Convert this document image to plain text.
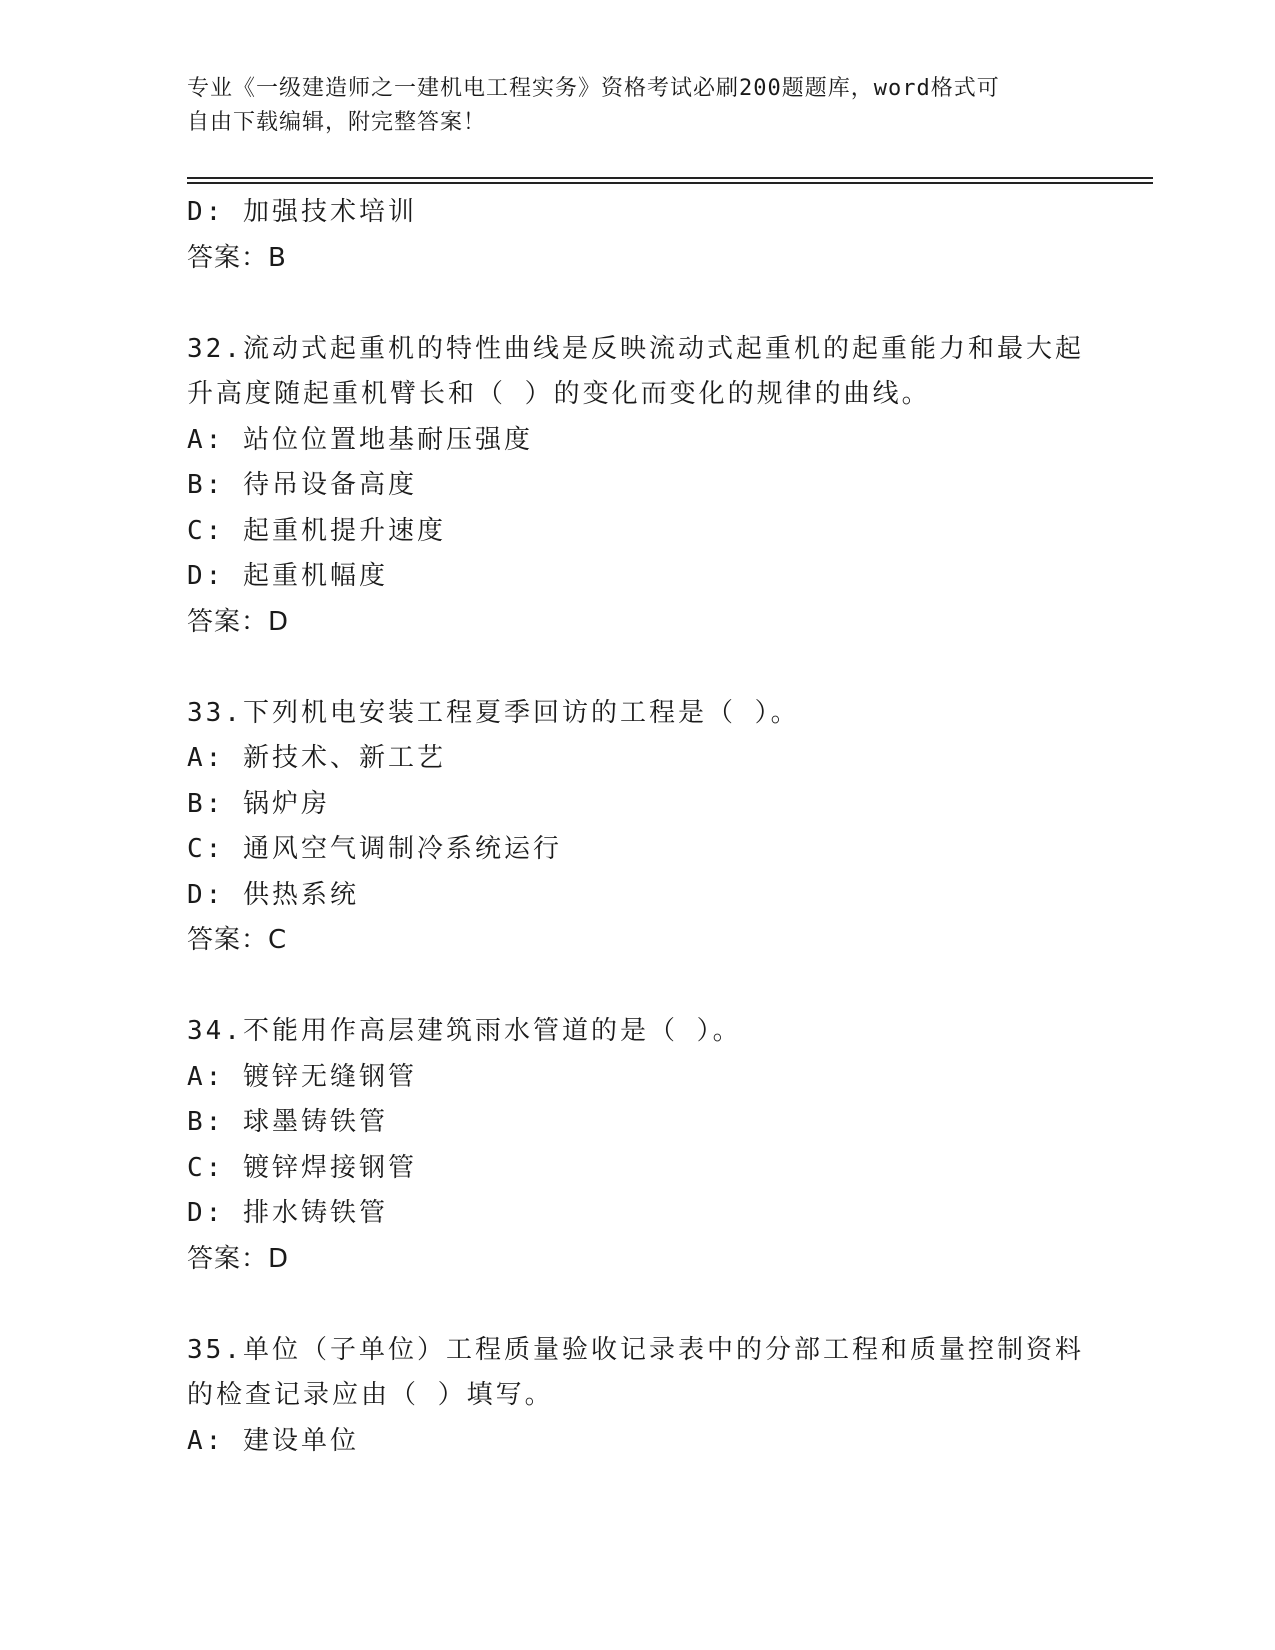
专业《一级建造师之一建机电工程实务》资格考试必刷200题题库，word格式可
自由下载编辑，附完整答案！
D: 加强技术培训
答案：B
32.流动式起重机的特性曲线是反映流动式起重机的起重能力和最大起
升高度随起重机臂长和（ ）的变化而变化的规律的曲线。
A: 站位位置地基耐压强度
B: 待吊设备高度
C: 起重机提升速度
D: 起重机幅度
答案：D
33.下列机电安装工程夏季回访的工程是（ ）。
A: 新技术、新工艺
B: 锅炉房
C: 通风空气调制冷系统运行
D: 供热系统
答案：C
34.不能用作高层建筑雨水管道的是（ ）。
A: 镀锌无缝钢管
B: 球墨铸铁管
C: 镀锌焊接钢管
D: 排水铸铁管
答案：D
35.单位（子单位）工程质量验收记录表中的分部工程和质量控制资料
的检查记录应由（ ）填写。
A: 建设单位
